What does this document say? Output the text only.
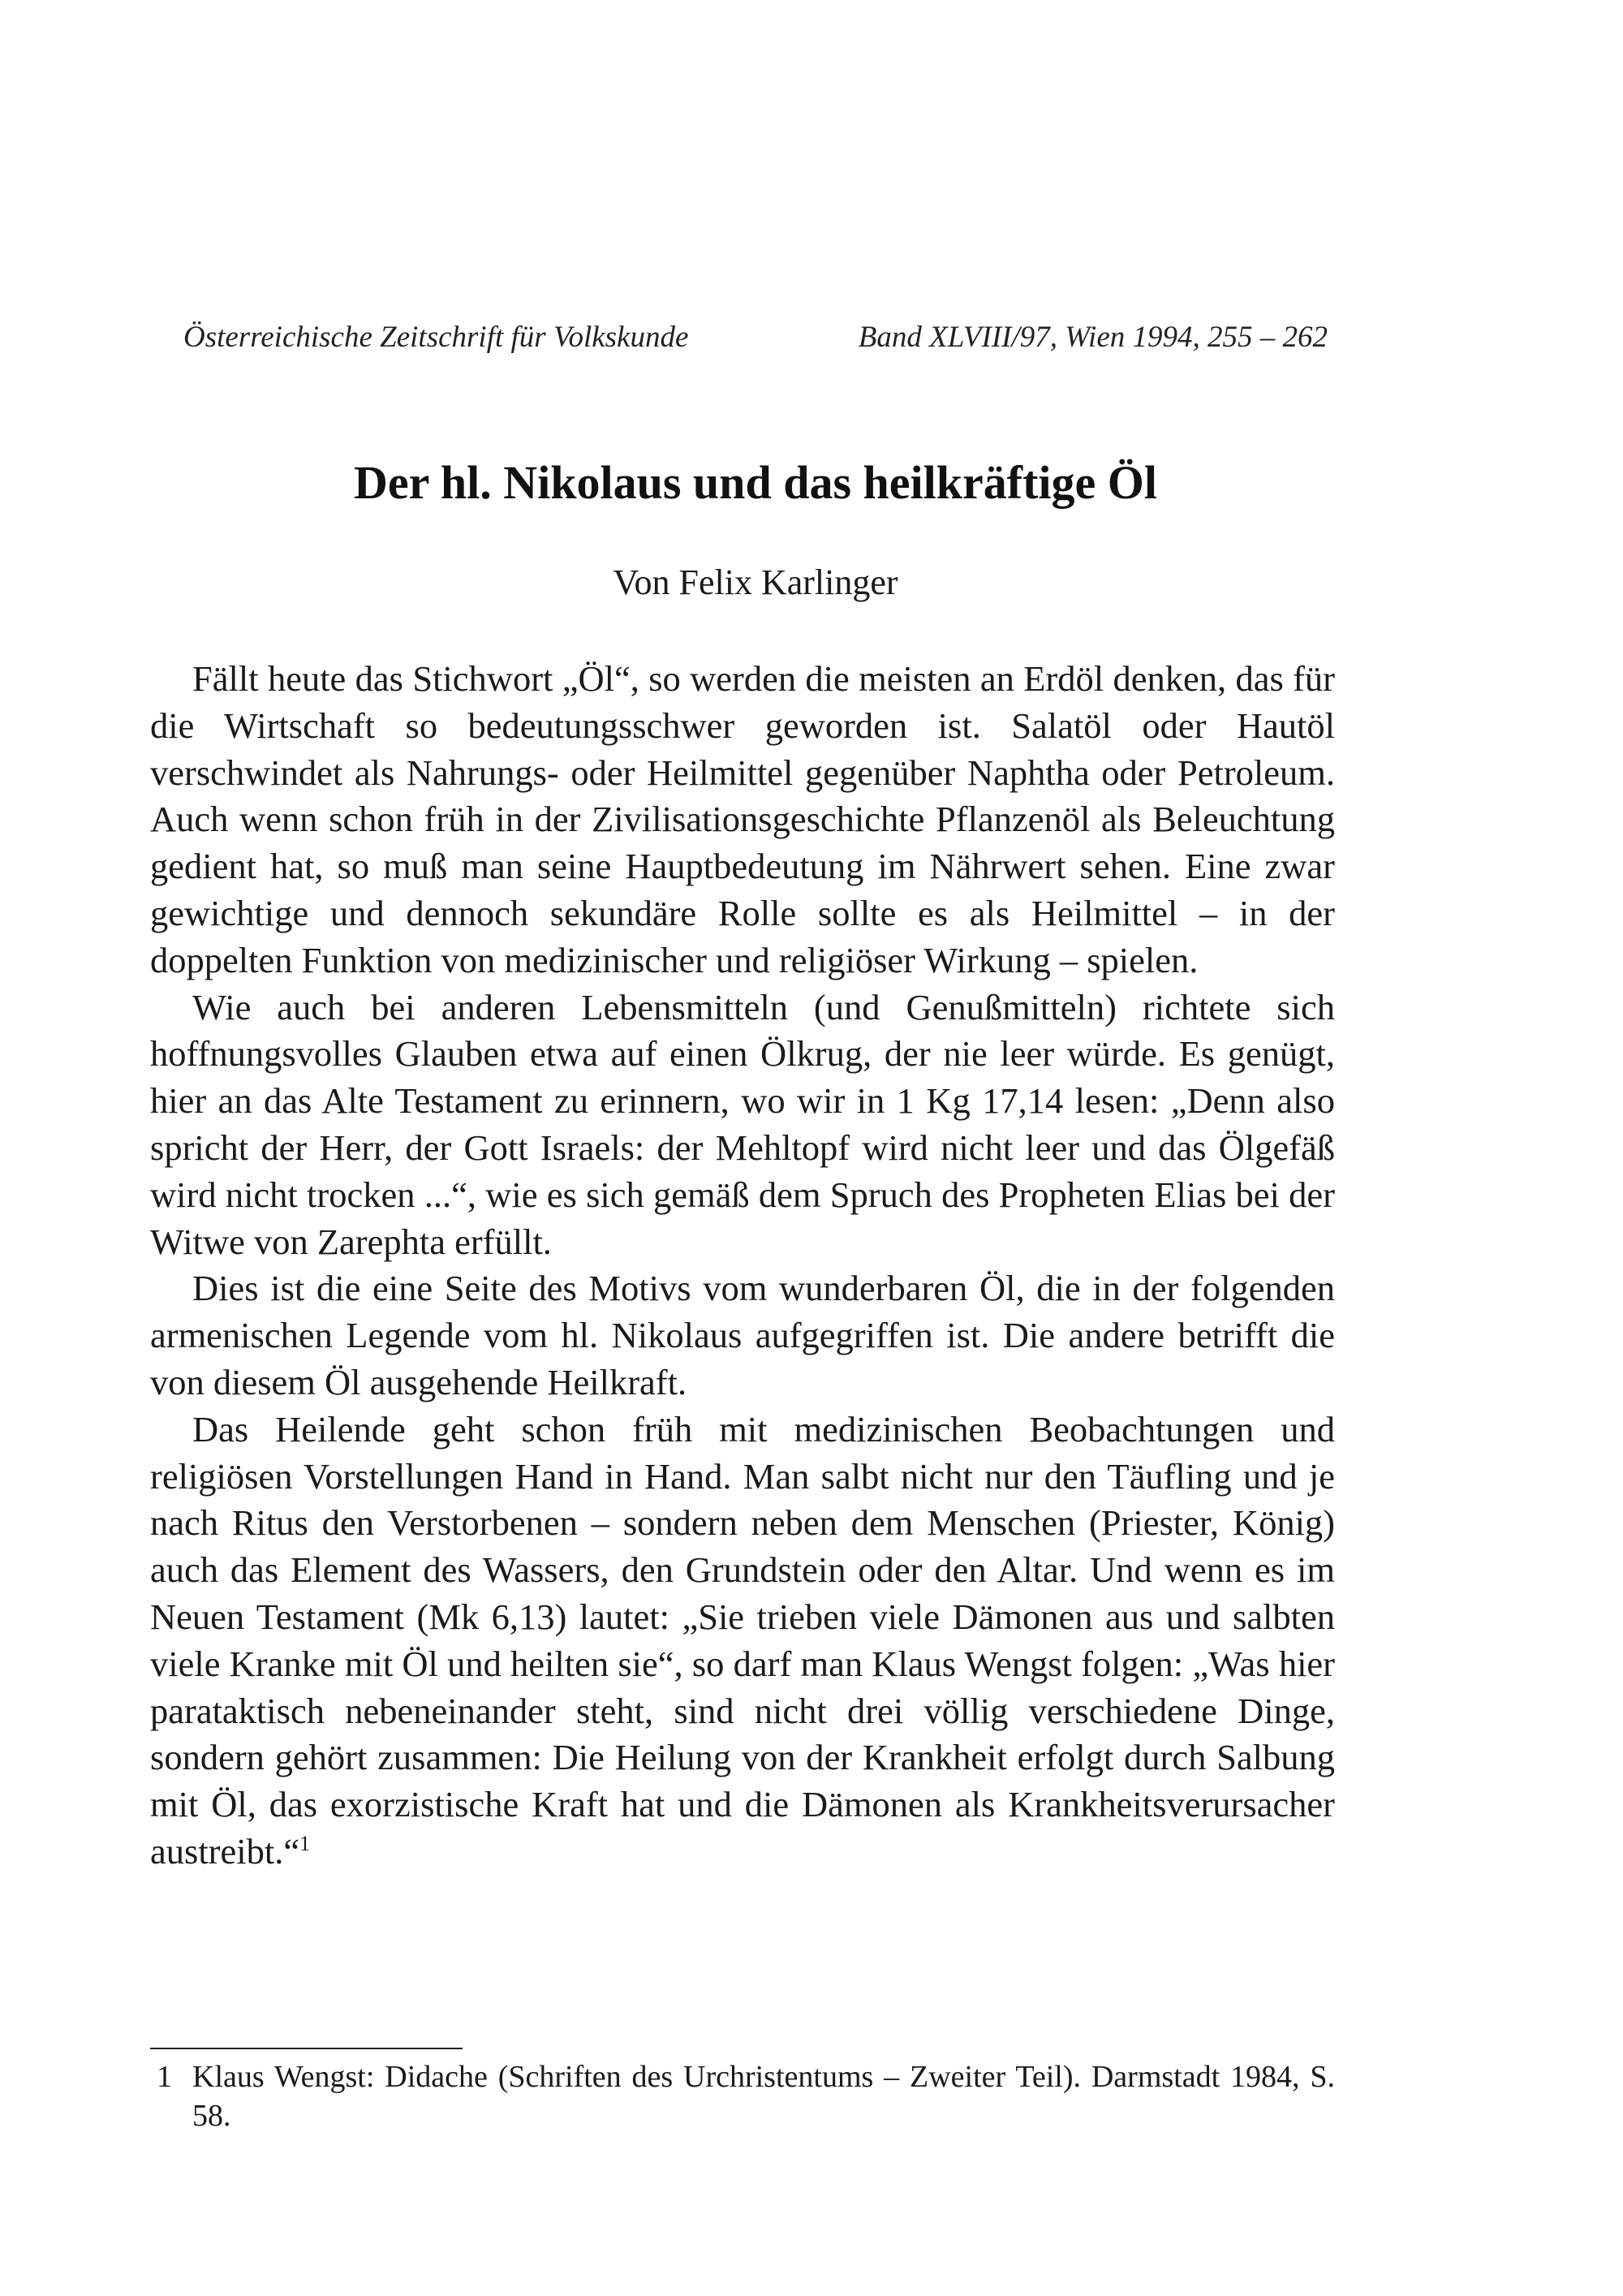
Österreichische Zeitschrift für Volkskunde	Band XLVIII/97, Wien 1994, 255 – 262
Der hl. Nikolaus und das heilkräftige Öl
Von Felix Karlinger

Fällt heute das Stichwort „Öl“, so werden die meisten an Erdöl denken, das für die Wirtschaft so bedeutungsschwer geworden ist. Salatöl oder Hautöl verschwindet als Nahrungs- oder Heilmittel gegenüber Naphtha oder Petroleum. Auch wenn schon früh in der Zivilisationsgeschichte Pflanzenöl als Beleuchtung gedient hat, so muß man seine Hauptbedeutung im Nährwert sehen. Eine zwar gewichtige und dennoch sekundäre Rolle sollte es als Heilmittel – in der doppelten Funktion von medizinischer und religiöser Wirkung – spielen.

Wie auch bei anderen Lebensmitteln (und Genußmitteln) richtete sich hoffnungsvolles Glauben etwa auf einen Ölkrug, der nie leer würde. Es genügt, hier an das Alte Testament zu erinnern, wo wir in 1 Kg 17,14 lesen: „Denn also spricht der Herr, der Gott Israels: der Mehltopf wird nicht leer und das Ölgefäß wird nicht trocken ...“, wie es sich gemäß dem Spruch des Propheten Elias bei der Witwe von Zarephta erfüllt.

Dies ist die eine Seite des Motivs vom wunderbaren Öl, die in der folgenden armenischen Legende vom hl. Nikolaus aufgegriffen ist. Die andere betrifft die von diesem Öl ausgehende Heilkraft.

Das Heilende geht schon früh mit medizinischen Beobachtungen und religiösen Vorstellungen Hand in Hand. Man salbt nicht nur den Täufling und je nach Ritus den Verstorbenen – sondern neben dem Menschen (Priester, König) auch das Element des Wassers, den Grundstein oder den Altar. Und wenn es im Neuen Testament (Mk 6,13) lautet: „Sie trieben viele Dämonen aus und salbten viele Kranke mit Öl und heilten sie“, so darf man Klaus Wengst folgen: „Was hier parataktisch nebeneinander steht, sind nicht drei völlig verschiedene Dinge, sondern gehört zusammen: Die Heilung von der Krankheit erfolgt durch Salbung mit Öl, das exorzistische Kraft hat und die Dämonen als Krankheitsverursacher austreibt.“$^1$

1 Klaus Wengst: Didache (Schriften des Urchristentums – Zweiter Teil). Darmstadt 1984, S. 58.
